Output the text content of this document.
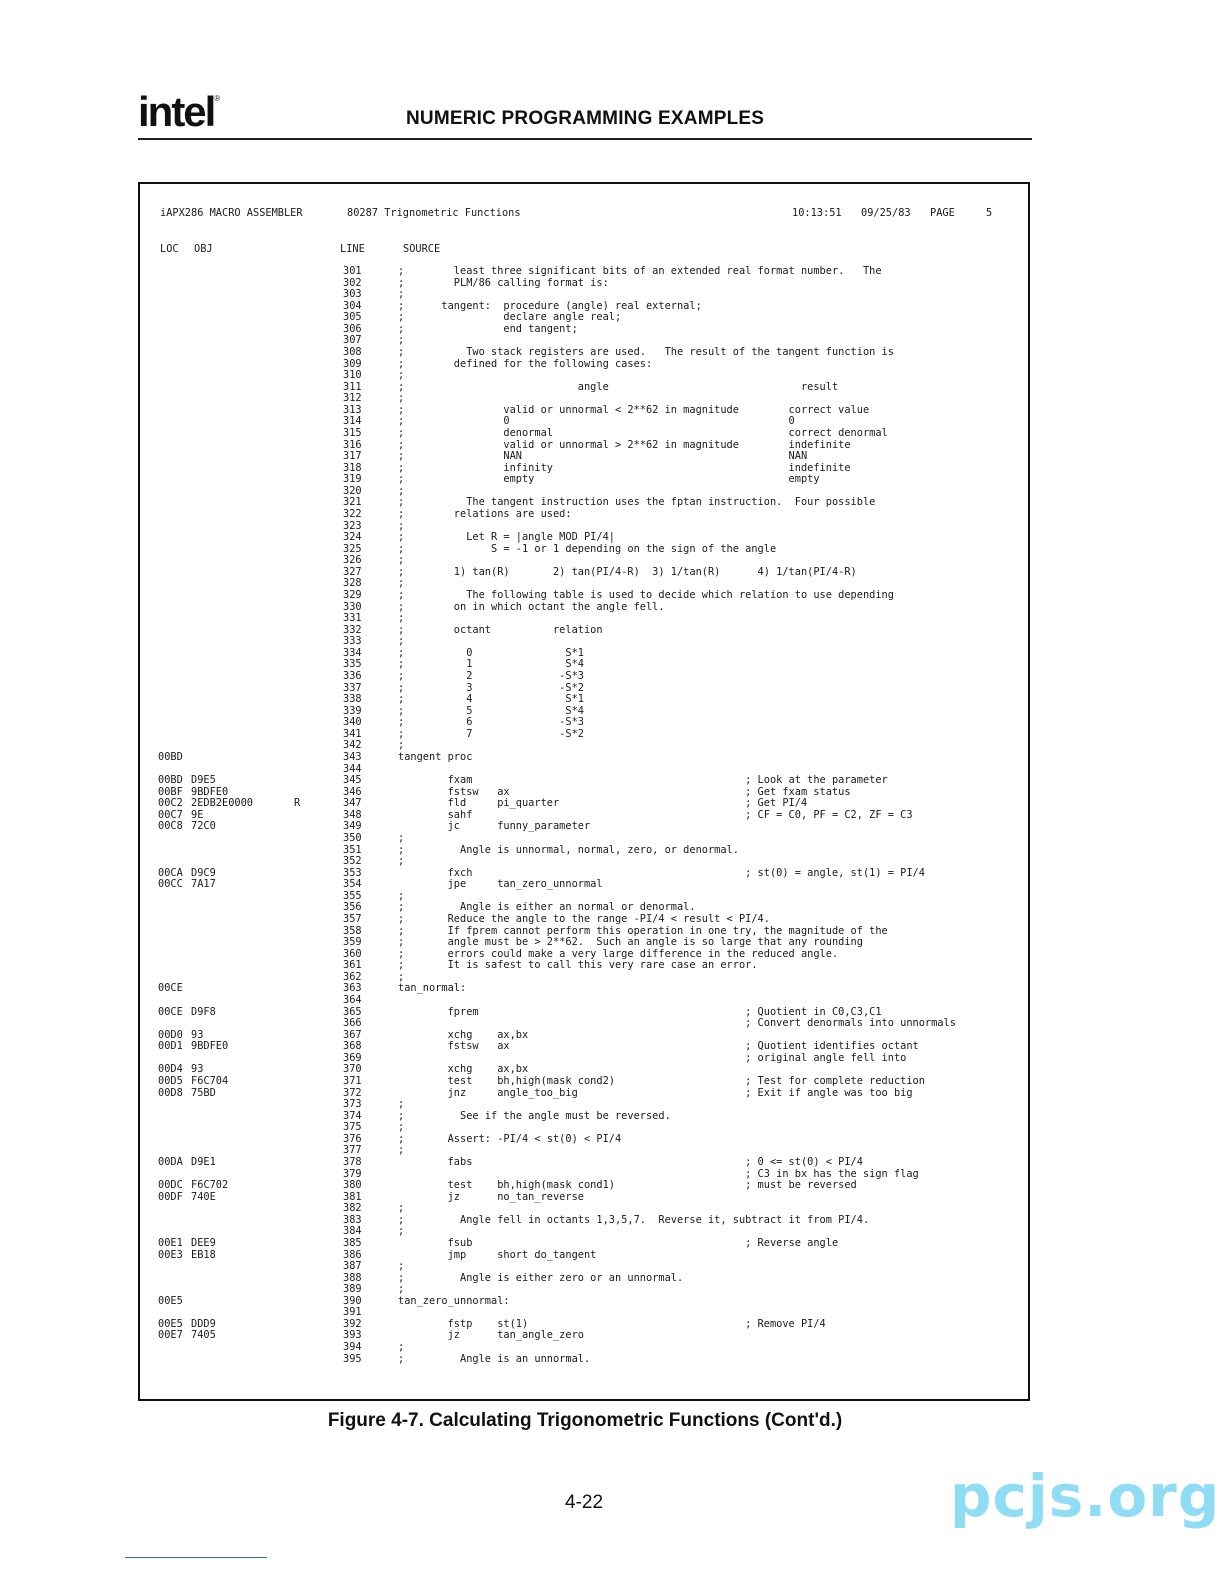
intel®
NUMERIC PROGRAMMING EXAMPLES
iAPX286 MACRO ASSEMBLER	80287 Trignometric Functions	10:13:51 09/25/83 PAGE	5
LOC OBJ	LINE	SOURCE
301	;        least three significant bits of an extended real format number.   The
302	;        PLM/86 calling format is:
303	;
304	;      tangent:  procedure (angle) real external;
305	;                declare angle real;
306	;                end tangent;
307	;
308	;          Two stack registers are used.   The result of the tangent function is
309	;        defined for the following cases:
310	;
311	;                            angle                               result
312	;
313	;                valid or unnormal < 2**62 in magnitude        correct value
314	;                0                                             0
315	;                denormal                                      correct denormal
316	;                valid or unnormal > 2**62 in magnitude        indefinite
317	;                NAN                                           NAN
318	;                infinity                                      indefinite
319	;                empty                                         empty
320	;
321	;          The tangent instruction uses the fptan instruction.  Four possible
322	;        relations are used:
323	;
324	;          Let R = |angle MOD PI/4|
325	;              S = -1 or 1 depending on the sign of the angle
326	;
327	;        1) tan(R)       2) tan(PI/4-R)  3) 1/tan(R)      4) 1/tan(PI/4-R)
328	;
329	;          The following table is used to decide which relation to use depending
330	;        on in which octant the angle fell.
331	;
332	;        octant          relation
333	;
334	;          0               S*1
335	;          1               S*4
336	;          2              -S*3
337	;          3              -S*2
338	;          4               S*1
339	;          5               S*4
340	;          6              -S*3
341	;          7              -S*2
342	;
00BD	343	tangent proc
344
00BD D9E5	345	fxam                                            ; Look at the parameter
00BF 9BDFE0	346	fstsw   ax                                      ; Get fxam status
00C2 2EDB2E0000	R	347	fld     pi_quarter                              ; Get PI/4
00C7 9E	348	sahf                                            ; CF = C0, PF = C2, ZF = C3
00C8 72C0	349	jc      funny_parameter
350	;
351	;         Angle is unnormal, normal, zero, or denormal.
352	;
00CA D9C9	353	fxch                                            ; st(0) = angle, st(1) = PI/4
00CC 7A17	354	jpe     tan_zero_unnormal
355	;
356	;         Angle is either an normal or denormal.
357	;       Reduce the angle to the range -PI/4 < result < PI/4.
358	;       If fprem cannot perform this operation in one try, the magnitude of the
359	;       angle must be > 2**62.  Such an angle is so large that any rounding
360	;       errors could make a very large difference in the reduced angle.
361	;       It is safest to call this very rare case an error.
362	;
00CE	363	tan_normal:
364
00CE D9F8	365	fprem                                           ; Quotient in C0,C3,C1
366	; Convert denormals into unnormals
00D0 93	367	xchg    ax,bx
00D1 9BDFE0	368	fstsw   ax                                      ; Quotient identifies octant
369	; original angle fell into
00D4 93	370	xchg    ax,bx
00D5 F6C704	371	test    bh,high(mask cond2)                     ; Test for complete reduction
00D8 75BD	372	jnz     angle_too_big                           ; Exit if angle was too big
373	;
374	;         See if the angle must be reversed.
375	;
376	;       Assert: -PI/4 < st(0) < PI/4
377	;
00DA D9E1	378	fabs                                            ; 0 <= st(0) < PI/4
379	; C3 in bx has the sign flag
00DC F6C702	380	test    bh,high(mask cond1)                     ; must be reversed
00DF 740E	381	jz      no_tan_reverse
382	;
383	;         Angle fell in octants 1,3,5,7.  Reverse it, subtract it from PI/4.
384	;
00E1 DEE9	385	fsub                                            ; Reverse angle
00E3 EB18	386	jmp     short do_tangent
387	;
388	;         Angle is either zero or an unnormal.
389	;
00E5	390	tan_zero_unnormal:
391
00E5 DDD9	392	fstp    st(1)                                   ; Remove PI/4
00E7 7405	393	jz      tan_angle_zero
394	;
395	;         Angle is an unnormal.
Figure 4-7. Calculating Trigonometric Functions (Cont'd.)
4-22	pcjs.org
